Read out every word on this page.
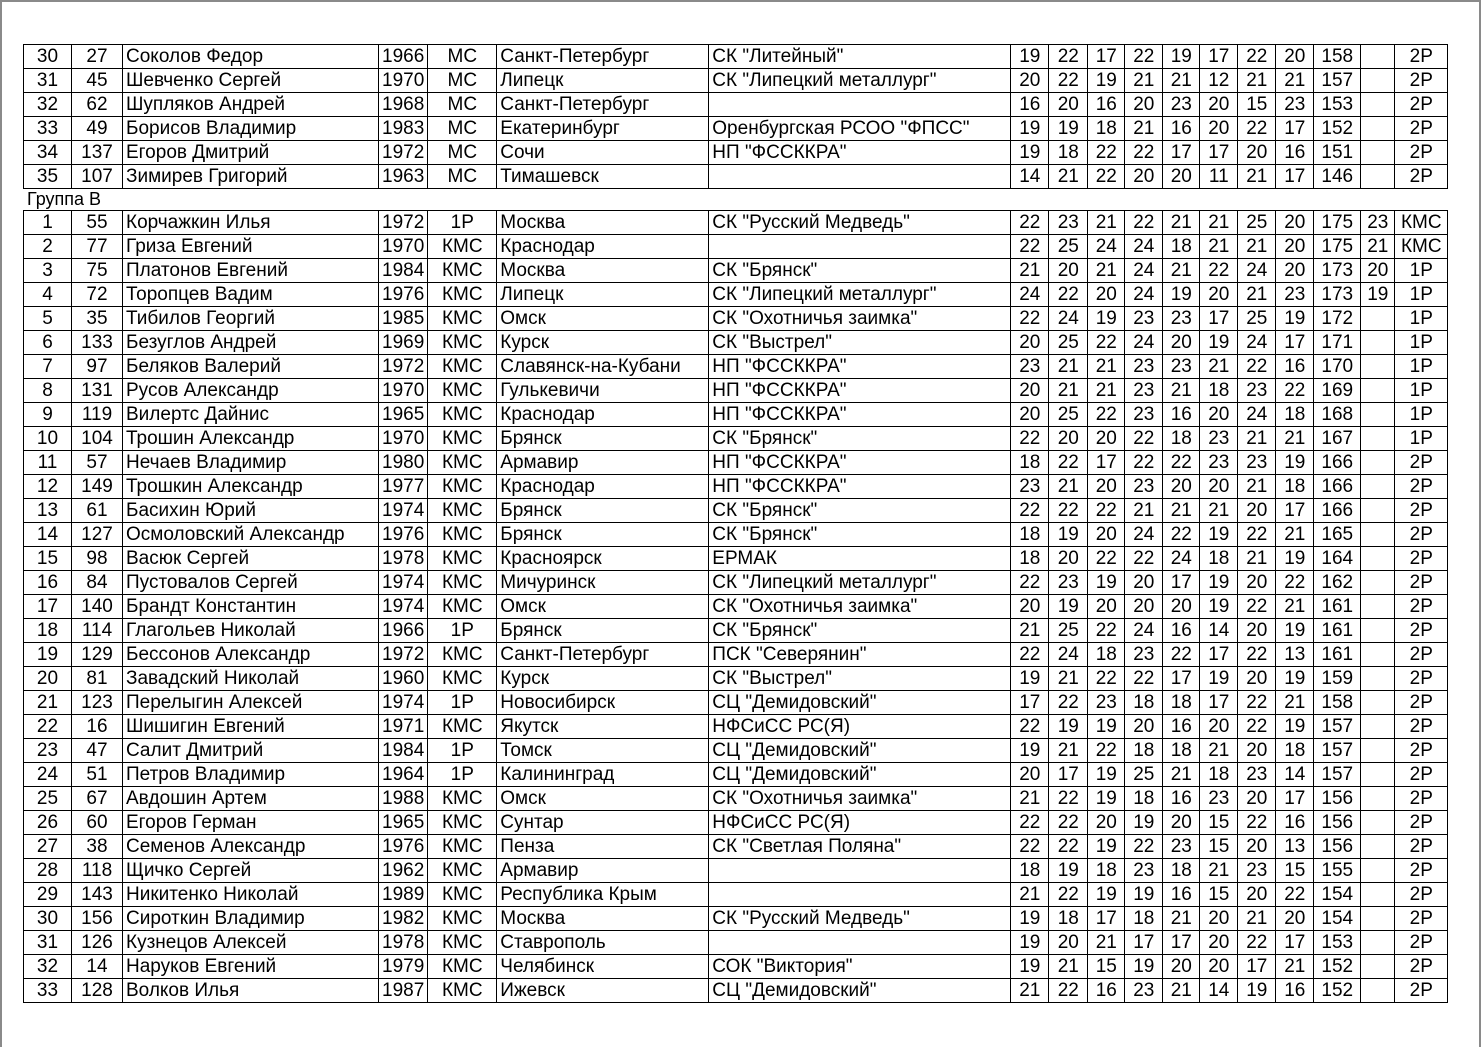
30	27	Соколов Федор	1966	МС	Санкт-Петербург	СК "Литейный"	19	22	17	22	19	17	22	20	158		2Р
31	45	Шевченко Сергей	1970	МС	Липецк	СК "Липецкий металлург"	20	22	19	21	21	12	21	21	157		2Р
32	62	Шупляков Андрей	1968	МС	Санкт-Петербург		16	20	16	20	23	20	15	23	153		2Р
33	49	Борисов Владимир	1983	МС	Екатеринбург	Оренбургская РСОО "ФПСС"	19	19	18	21	16	20	22	17	152		2Р
34	137	Егоров Дмитрий	1972	МС	Сочи	НП "ФССККРА"	19	18	22	22	17	17	20	16	151		2Р
35	107	Зимирев Григорий	1963	МС	Тимашевск		14	21	22	20	20	11	21	17	146		2Р
Группа В
1	55	Корчажкин Илья	1972	1Р	Москва	СК "Русский Медведь"	22	23	21	22	21	21	25	20	175	23	КМС
2	77	Гриза Евгений	1970	КМС	Краснодар		22	25	24	24	18	21	21	20	175	21	КМС
3	75	Платонов Евгений	1984	КМС	Москва	СК "Брянск"	21	20	21	24	21	22	24	20	173	20	1Р
4	72	Торопцев Вадим	1976	КМС	Липецк	СК "Липецкий металлург"	24	22	20	24	19	20	21	23	173	19	1Р
5	35	Тибилов Георгий	1985	КМС	Омск	СК "Охотничья заимка"	22	24	19	23	23	17	25	19	172		1Р
6	133	Безуглов Андрей	1969	КМС	Курск	СК "Выстрел"	20	25	22	24	20	19	24	17	171		1Р
7	97	Беляков Валерий	1972	КМС	Славянск-на-Кубани	НП "ФССККРА"	23	21	21	23	23	21	22	16	170		1Р
8	131	Русов Александр	1970	КМС	Гулькевичи	НП "ФССККРА"	20	21	21	23	21	18	23	22	169		1Р
9	119	Вилертс Дайнис	1965	КМС	Краснодар	НП "ФССККРА"	20	25	22	23	16	20	24	18	168		1Р
10	104	Трошин Александр	1970	КМС	Брянск	СК "Брянск"	22	20	20	22	18	23	21	21	167		1Р
11	57	Нечаев Владимир	1980	КМС	Армавир	НП "ФССККРА"	18	22	17	22	22	23	23	19	166		2Р
12	149	Трошкин Александр	1977	КМС	Краснодар	НП "ФССККРА"	23	21	20	23	20	20	21	18	166		2Р
13	61	Басихин Юрий	1974	КМС	Брянск	СК "Брянск"	22	22	22	21	21	21	20	17	166		2Р
14	127	Осмоловский Александр	1976	КМС	Брянск	СК "Брянск"	18	19	20	24	22	19	22	21	165		2Р
15	98	Васюк Сергей	1978	КМС	Красноярск	ЕРМАК	18	20	22	22	24	18	21	19	164		2Р
16	84	Пустовалов Сергей	1974	КМС	Мичуринск	СК "Липецкий металлург"	22	23	19	20	17	19	20	22	162		2Р
17	140	Брандт Константин	1974	КМС	Омск	СК "Охотничья заимка"	20	19	20	20	20	19	22	21	161		2Р
18	114	Глагольев Николай	1966	1Р	Брянск	СК "Брянск"	21	25	22	24	16	14	20	19	161		2Р
19	129	Бессонов Александр	1972	КМС	Санкт-Петербург	ПСК "Северянин"	22	24	18	23	22	17	22	13	161		2Р
20	81	Завадский Николай	1960	КМС	Курск	СК "Выстрел"	19	21	22	22	17	19	20	19	159		2Р
21	123	Перелыгин Алексей	1974	1Р	Новосибирск	СЦ "Демидовский"	17	22	23	18	18	17	22	21	158		2Р
22	16	Шишигин Евгений	1971	КМС	Якутск	НФСиСС РС(Я)	22	19	19	20	16	20	22	19	157		2Р
23	47	Салит Дмитрий	1984	1Р	Томск	СЦ "Демидовский"	19	21	22	18	18	21	20	18	157		2Р
24	51	Петров Владимир	1964	1Р	Калининград	СЦ "Демидовский"	20	17	19	25	21	18	23	14	157		2Р
25	67	Авдошин Артем	1988	КМС	Омск	СК "Охотничья заимка"	21	22	19	18	16	23	20	17	156		2Р
26	60	Егоров Герман	1965	КМС	Сунтар	НФСиСС РС(Я)	22	22	20	19	20	15	22	16	156		2Р
27	38	Семенов Александр	1976	КМС	Пенза	СК "Светлая Поляна"	22	22	19	22	23	15	20	13	156		2Р
28	118	Щичко Сергей	1962	КМС	Армавир		18	19	18	23	18	21	23	15	155		2Р
29	143	Никитенко Николай	1989	КМС	Республика Крым		21	22	19	19	16	15	20	22	154		2Р
30	156	Сироткин Владимир	1982	КМС	Москва	СК "Русский Медведь"	19	18	17	18	21	20	21	20	154		2Р
31	126	Кузнецов Алексей	1978	КМС	Ставрополь		19	20	21	17	17	20	22	17	153		2Р
32	14	Наруков Евгений	1979	КМС	Челябинск	СОК "Виктория"	19	21	15	19	20	20	17	21	152		2Р
33	128	Волков Илья	1987	КМС	Ижевск	СЦ "Демидовский"	21	22	16	23	21	14	19	16	152		2Р
